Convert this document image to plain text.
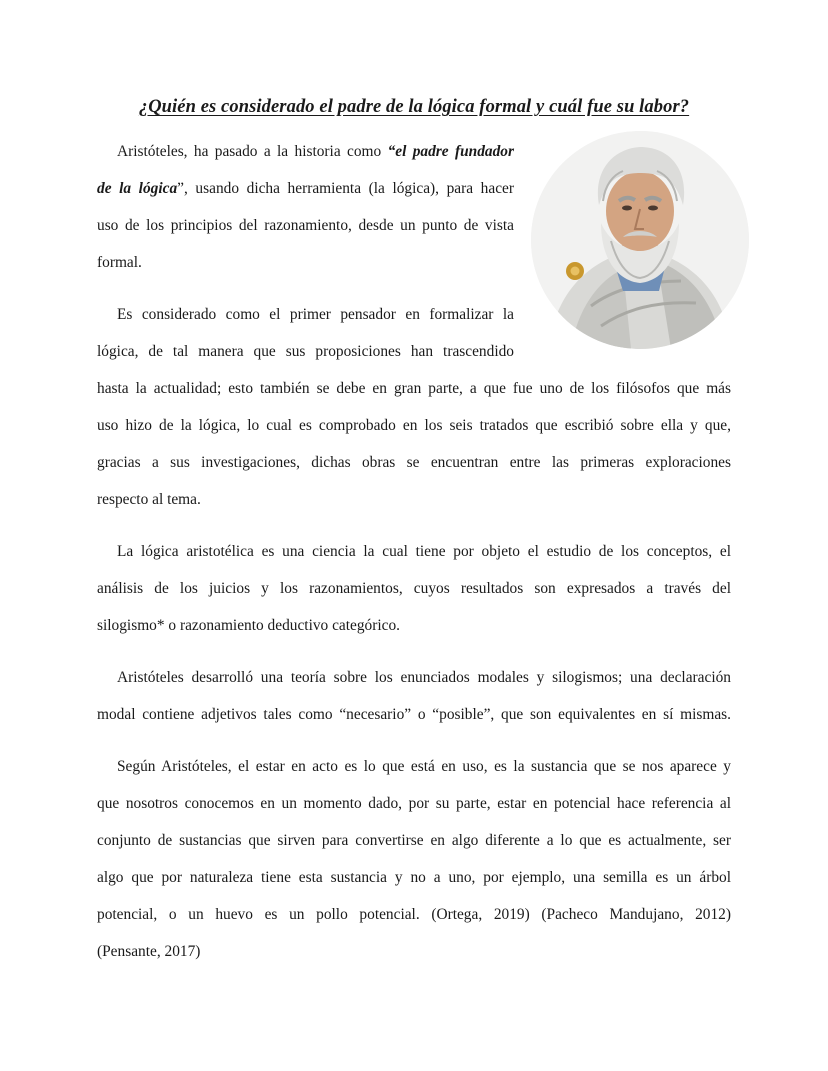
¿Quién es considerado el padre de la lógica formal y cuál fue su labor?
Aristóteles, ha pasado a la historia como “el padre fundador
de la lógica”, usando dicha herramienta (la lógica), para hacer
uso de los principios del razonamiento, desde un punto de vista
formal.
Es considerado como el primer pensador en formalizar la
lógica, de tal manera que sus proposiciones han trascendido
hasta la actualidad; esto también se debe en gran parte, a que fue uno de los filósofos que más
uso hizo de la lógica, lo cual es comprobado en los seis tratados que escribió sobre ella y que,
gracias a sus investigaciones, dichas obras se encuentran entre las primeras exploraciones
respecto al tema.
La lógica aristotélica es una ciencia la cual tiene por objeto el estudio de los conceptos, el
análisis de los juicios y los razonamientos, cuyos resultados son expresados a través del
silogismo* o razonamiento deductivo categórico.
Aristóteles desarrolló una teoría sobre los enunciados modales y silogismos; una declaración
modal contiene adjetivos tales como “necesario” o “posible”, que son equivalentes en sí mismas.
Según Aristóteles, el estar en acto es lo que está en uso, es la sustancia que se nos aparece y
que nosotros conocemos en un momento dado, por su parte, estar en potencial hace referencia al
conjunto de sustancias que sirven para convertirse en algo diferente a lo que es actualmente, ser
algo que por naturaleza tiene esta sustancia y no a uno, por ejemplo, una semilla es un árbol
potencial, o un huevo es un pollo potencial. (Ortega, 2019) (Pacheco Mandujano, 2012)
(Pensante, 2017)
